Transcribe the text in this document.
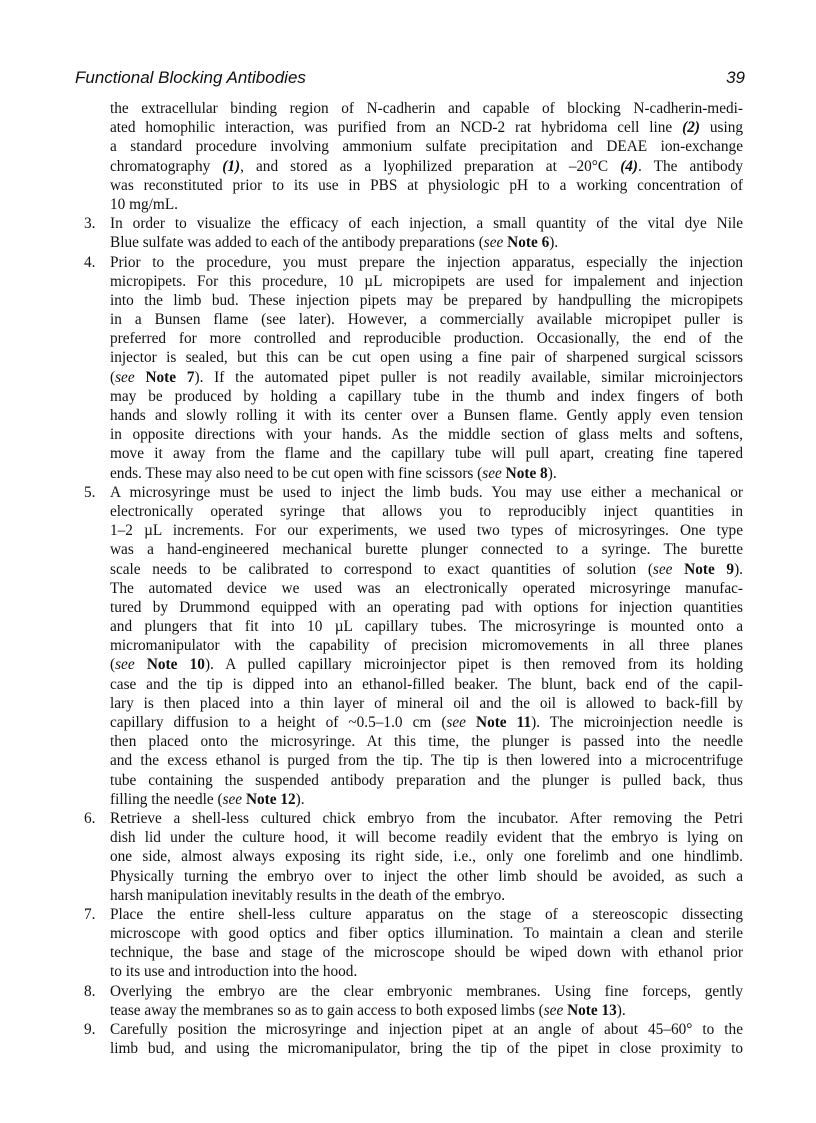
Functional Blocking Antibodies	39
the extracellular binding region of N-cadherin and capable of blocking N-cadherin-medi-
ated homophilic interaction, was purified from an NCD-2 rat hybridoma cell line (2) using
a standard procedure involving ammonium sulfate precipitation and DEAE ion-exchange
chromatography (1), and stored as a lyophilized preparation at –20°C (4). The antibody
was reconstituted prior to its use in PBS at physiologic pH to a working concentration of
10 mg/mL.
3. In order to visualize the efficacy of each injection, a small quantity of the vital dye Nile
Blue sulfate was added to each of the antibody preparations (see Note 6).
4. Prior to the procedure, you must prepare the injection apparatus, especially the injection
micropipets. For this procedure, 10 µL micropipets are used for impalement and injection
into the limb bud. These injection pipets may be prepared by handpulling the micropipets
in a Bunsen flame (see later). However, a commercially available micropipet puller is
preferred for more controlled and reproducible production. Occasionally, the end of the
injector is sealed, but this can be cut open using a fine pair of sharpened surgical scissors
(see Note 7). If the automated pipet puller is not readily available, similar microinjectors
may be produced by holding a capillary tube in the thumb and index fingers of both
hands and slowly rolling it with its center over a Bunsen flame. Gently apply even tension
in opposite directions with your hands. As the middle section of glass melts and softens,
move it away from the flame and the capillary tube will pull apart, creating fine tapered
ends. These may also need to be cut open with fine scissors (see Note 8).
5. A microsyringe must be used to inject the limb buds. You may use either a mechanical or
electronically operated syringe that allows you to reproducibly inject quantities in
1–2 µL increments. For our experiments, we used two types of microsyringes. One type
was a hand-engineered mechanical burette plunger connected to a syringe. The burette
scale needs to be calibrated to correspond to exact quantities of solution (see Note 9).
The automated device we used was an electronically operated microsyringe manufac-
tured by Drummond equipped with an operating pad with options for injection quantities
and plungers that fit into 10 µL capillary tubes. The microsyringe is mounted onto a
micromanipulator with the capability of precision micromovements in all three planes
(see Note 10). A pulled capillary microinjector pipet is then removed from its holding
case and the tip is dipped into an ethanol-filled beaker. The blunt, back end of the capil-
lary is then placed into a thin layer of mineral oil and the oil is allowed to back-fill by
capillary diffusion to a height of ~0.5–1.0 cm (see Note 11). The microinjection needle is
then placed onto the microsyringe. At this time, the plunger is passed into the needle
and the excess ethanol is purged from the tip. The tip is then lowered into a microcentrifuge
tube containing the suspended antibody preparation and the plunger is pulled back, thus
filling the needle (see Note 12).
6. Retrieve a shell-less cultured chick embryo from the incubator. After removing the Petri
dish lid under the culture hood, it will become readily evident that the embryo is lying on
one side, almost always exposing its right side, i.e., only one forelimb and one hindlimb.
Physically turning the embryo over to inject the other limb should be avoided, as such a
harsh manipulation inevitably results in the death of the embryo.
7. Place the entire shell-less culture apparatus on the stage of a stereoscopic dissecting
microscope with good optics and fiber optics illumination. To maintain a clean and sterile
technique, the base and stage of the microscope should be wiped down with ethanol prior
to its use and introduction into the hood.
8. Overlying the embryo are the clear embryonic membranes. Using fine forceps, gently
tease away the membranes so as to gain access to both exposed limbs (see Note 13).
9. Carefully position the microsyringe and injection pipet at an angle of about 45–60° to the
limb bud, and using the micromanipulator, bring the tip of the pipet in close proximity to
